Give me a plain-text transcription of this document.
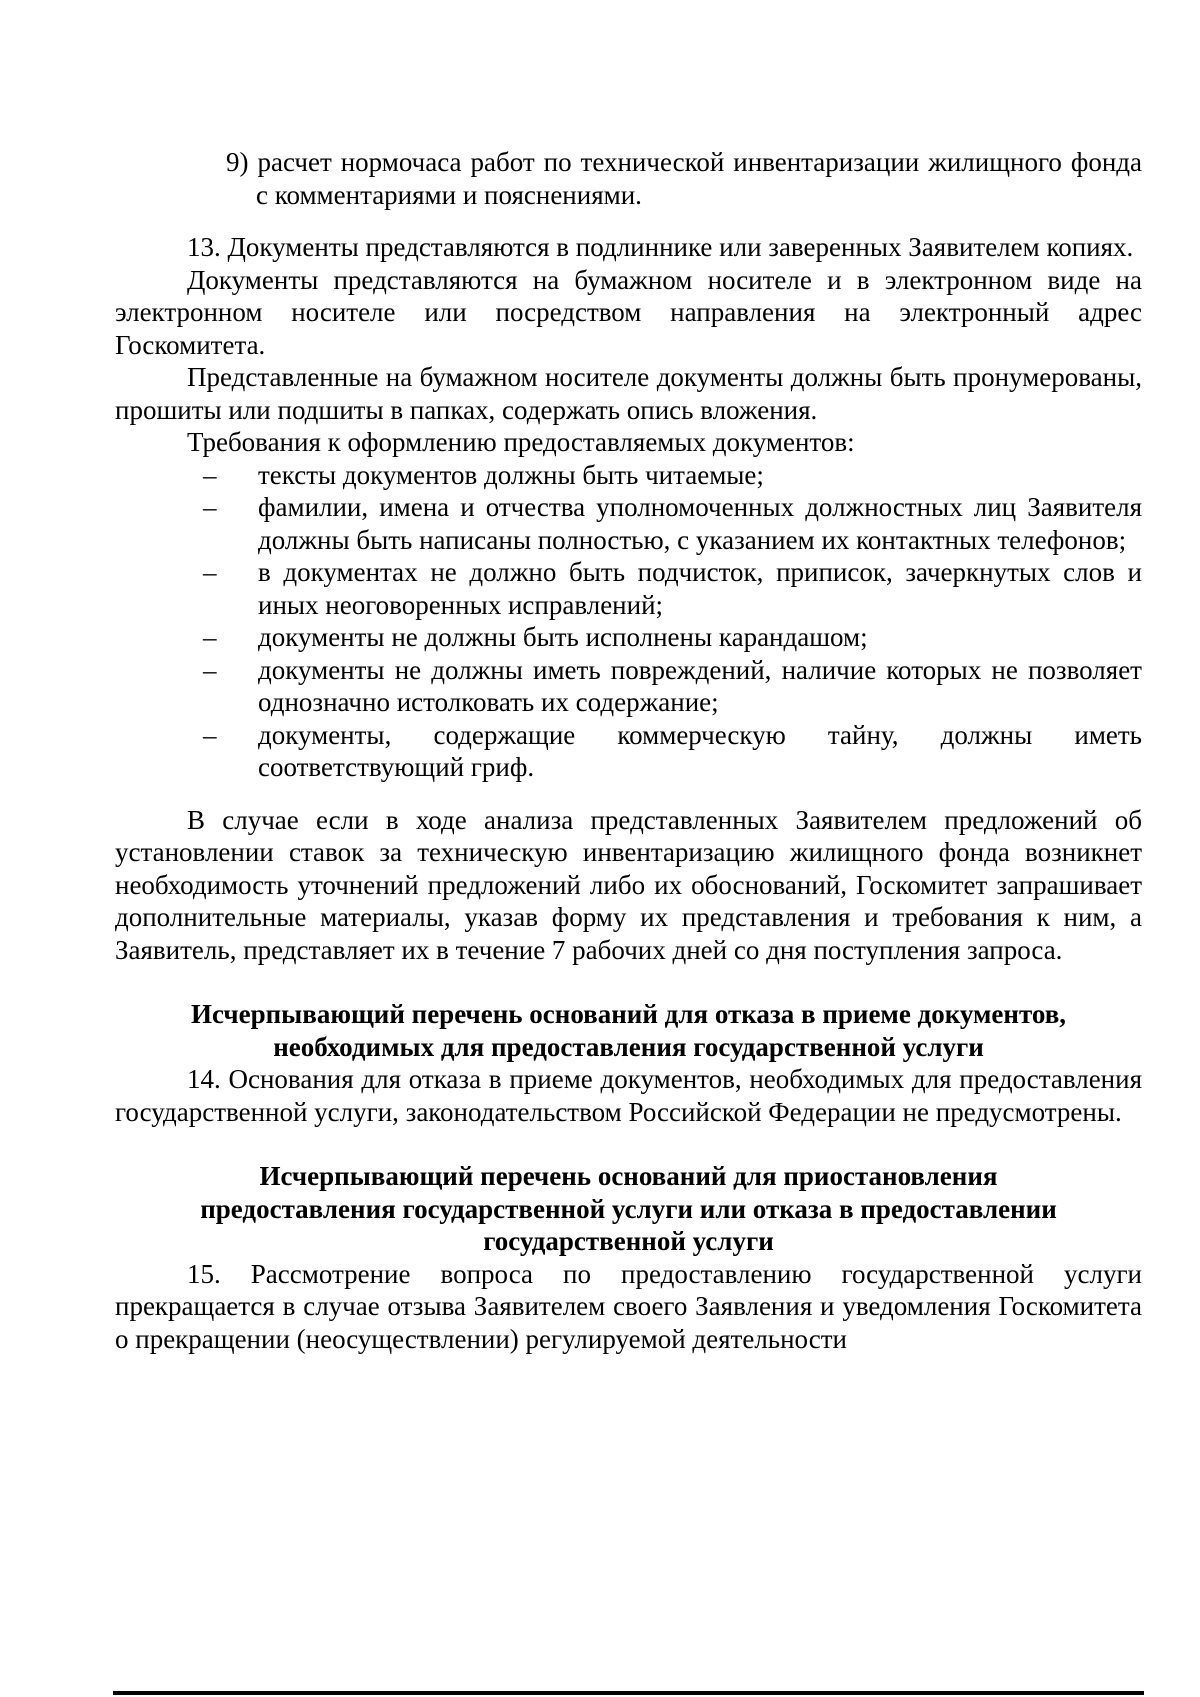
9) расчет нормочаса работ по технической инвентаризации жилищного фонда с комментариями и пояснениями.

13. Документы представляются в подлиннике или заверенных Заявителем копиях.

Документы представляются на бумажном носителе и в электронном виде на электронном носителе или посредством направления на электронный адрес Госкомитета.

Представленные на бумажном носителе документы должны быть пронумерованы, прошиты или подшиты в папках, содержать опись вложения.

Требования к оформлению предоставляемых документов:

– тексты документов должны быть читаемые;

– фамилии, имена и отчества уполномоченных должностных лиц Заявителя должны быть написаны полностью, с указанием их контактных телефонов;

– в документах не должно быть подчисток, приписок, зачеркнутых слов и иных неоговоренных исправлений;

– документы не должны быть исполнены карандашом;

– документы не должны иметь повреждений, наличие которых не позволяет однозначно истолковать их содержание;

– документы, содержащие коммерческую тайну, должны иметь соответствующий гриф.

В случае если в ходе анализа представленных Заявителем предложений об установлении ставок за техническую инвентаризацию жилищного фонда возникнет необходимость уточнений предложений либо их обоснований, Госкомитет запрашивает дополнительные материалы, указав форму их представления и требования к ним, а Заявитель, представляет их в течение 7 рабочих дней со дня поступления запроса.

Исчерпывающий перечень оснований для отказа в приеме документов,
необходимых для предоставления государственной услуги

14. Основания для отказа в приеме документов, необходимых для предоставления государственной услуги, законодательством Российской Федерации не предусмотрены.

Исчерпывающий перечень оснований для приостановления
предоставления государственной услуги или отказа в предоставлении
государственной услуги

15. Рассмотрение вопроса по предоставлению государственной услуги прекращается в случае отзыва Заявителем своего Заявления и уведомления Госкомитета о прекращении (неосуществлении) регулируемой деятельности
